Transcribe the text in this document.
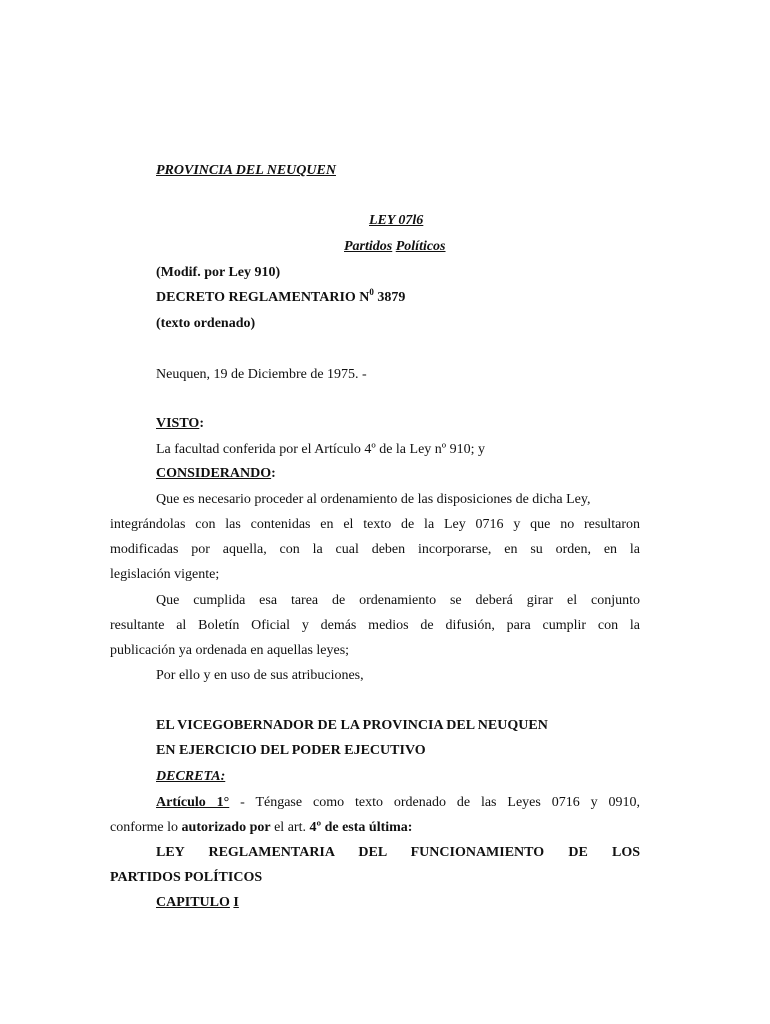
PROVINCIA DEL NEUQUEN
LEY 07l6
Partidos Políticos
(Modif. por Ley 910)
DECRETO REGLAMENTARIO $N^0$ 3879
(texto ordenado)
Neuquen, 19 de Diciembre de 1975. -
VISTO:
La facultad conferida por el Artículo 4º de la Ley nº 910; y
CONSIDERANDO:
Que es necesario proceder al ordenamiento de las disposiciones de dicha Ley,
integrándolas con las contenidas en el texto de la Ley 0716 y que no resultaron
modificadas por aquella, con la cual deben incorporarse, en su orden, en la
legislación vigente;
Que cumplida esa tarea de ordenamiento se deberá girar el conjunto
resultante al Boletín Oficial y demás medios de difusión, para cumplir con la
publicación ya ordenada en aquellas leyes;
Por ello y en uso de sus atribuciones,
EL VICEGOBERNADOR DE LA PROVINCIA DEL NEUQUEN
EN EJERCICIO DEL PODER EJECUTIVO
DECRETA:
Artículo 1° - Téngase como texto ordenado de las Leyes 0716 y 0910,
conforme lo autorizado por el art. 4º de esta última:
LEY REGLAMENTARIA DEL FUNCIONAMIENTO DE LOS
PARTIDOS POLÍTICOS
CAPITULO I
